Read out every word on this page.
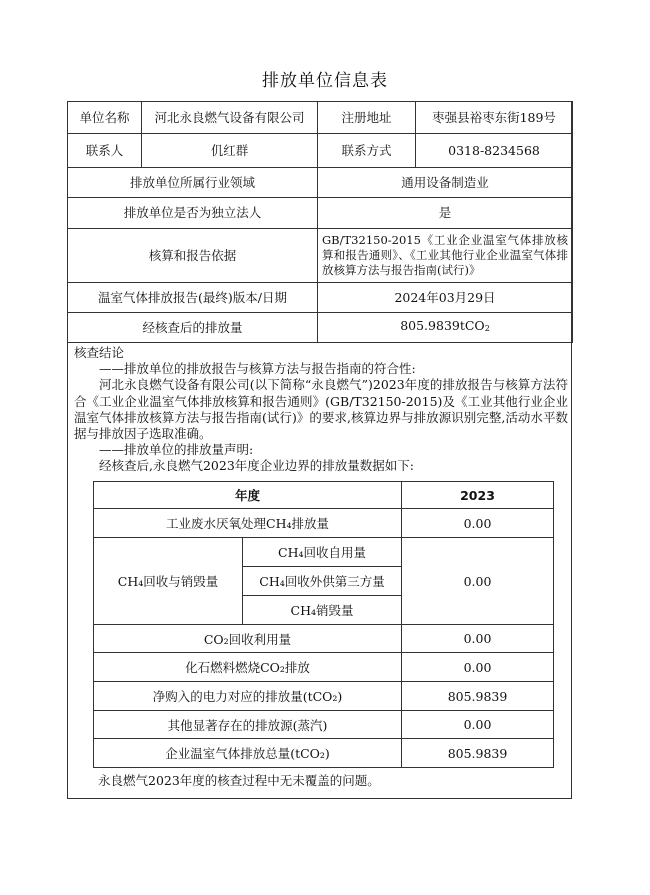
排放单位信息表
单位名称	河北永良燃气设备有限公司	注册地址	枣强县裕枣东街189号
联系人	仉红群	联系方式	0318-8234568
排放单位所属行业领域		通用设备制造业	
排放单位是否为独立法人		是	
核算和报告依据		GB/T32150-2015《工业企业温室气体排放核算和报告通则》、《工业其他行业企业温室气体排放核算方法与报告指南(试行)》	
温室气体排放报告(最终)版本/日期		2024年03月29日	
经核查后的排放量		805.9839tCO$_2$

核查结论

——排放单位的排放报告与核算方法与报告指南的符合性:

河北永良燃气设备有限公司(以下简称“永良燃气”)2023年度的排放报告与核算方法符合《工业企业温室气体排放核算和报告通则》(GB/T32150-2015)及《工业其他行业企业温室气体排放核算方法与报告指南(试行)》的要求,核算边界与排放源识别完整,活动水平数据与排放因子选取准确。

——排放单位的排放量声明:

经核查后,永良燃气2023年度企业边界的排放量数据如下:

年度		2023
工业废水厌氧处理CH₄排放量		0.00
CH₄回收与销毁量	CH₄回收自用量	0.00
	CH₄回收外供第三方量	
	CH₄销毁量	
CO₂回收利用量		0.00
化石燃料燃烧CO₂排放		0.00
净购入的电力对应的排放量(tCO₂)		805.9839
其他显著存在的排放源(蒸汽)		0.00
企业温室气体排放总量(tCO₂)		805.9839
永良燃气2023年度的核查过程中无未覆盖的问题。
